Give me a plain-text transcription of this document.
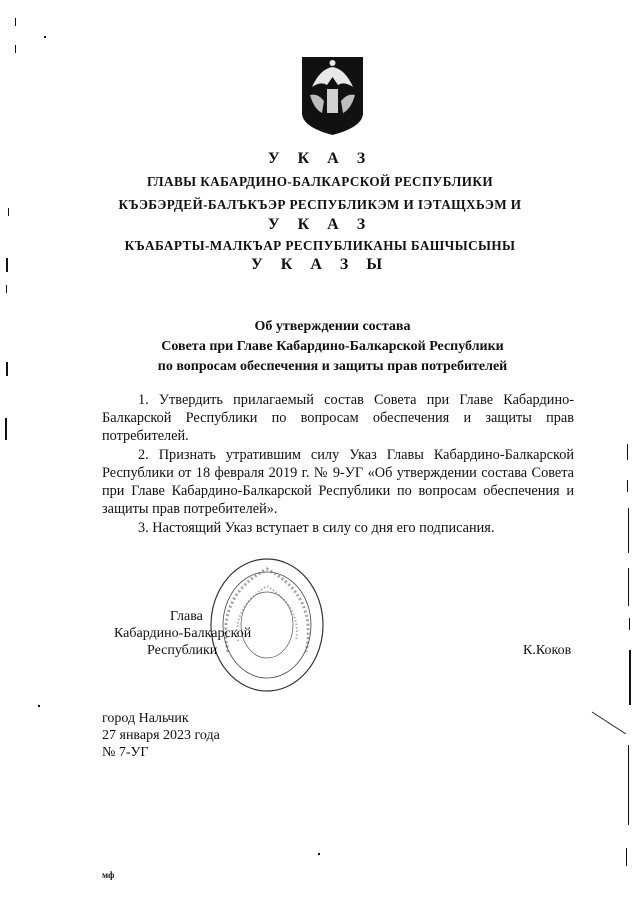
У К А З
ГЛАВЫ КАБАРДИНО-БАЛКАРСКОЙ РЕСПУБЛИКИ
КЪЭБЭРДЕЙ-БАЛЪКЪЭР РЕСПУБЛИКЭМ И ІЭТАЩХЬЭМ И
У К А З
КЪАБАРТЫ-МАЛКЪАР РЕСПУБЛИКАНЫ БАШЧЫСЫНЫ
У К А З Ы
Об утверждении состава
Совета при Главе Кабардино-Балкарской Республики
по вопросам обеспечения и защиты прав потребителей
1. Утвердить прилагаемый состав Совета при Главе Кабардино-Балкарской Республики по вопросам обеспечения и защиты прав потребителей.
2. Признать утратившим силу Указ Главы Кабардино-Балкарской Республики от 18 февраля 2019 г. № 9-УГ «Об утверждении состава Совета при Главе Кабардино-Балкарской Республики по вопросам обеспечения и защиты прав потребителей».
3. Настоящий Указ вступает в силу со дня его подписания.
Глава
Кабардино-Балкарской
Республики	К.Коков
город Нальчик
27 января 2023 года
№ 7-УГ
мф
